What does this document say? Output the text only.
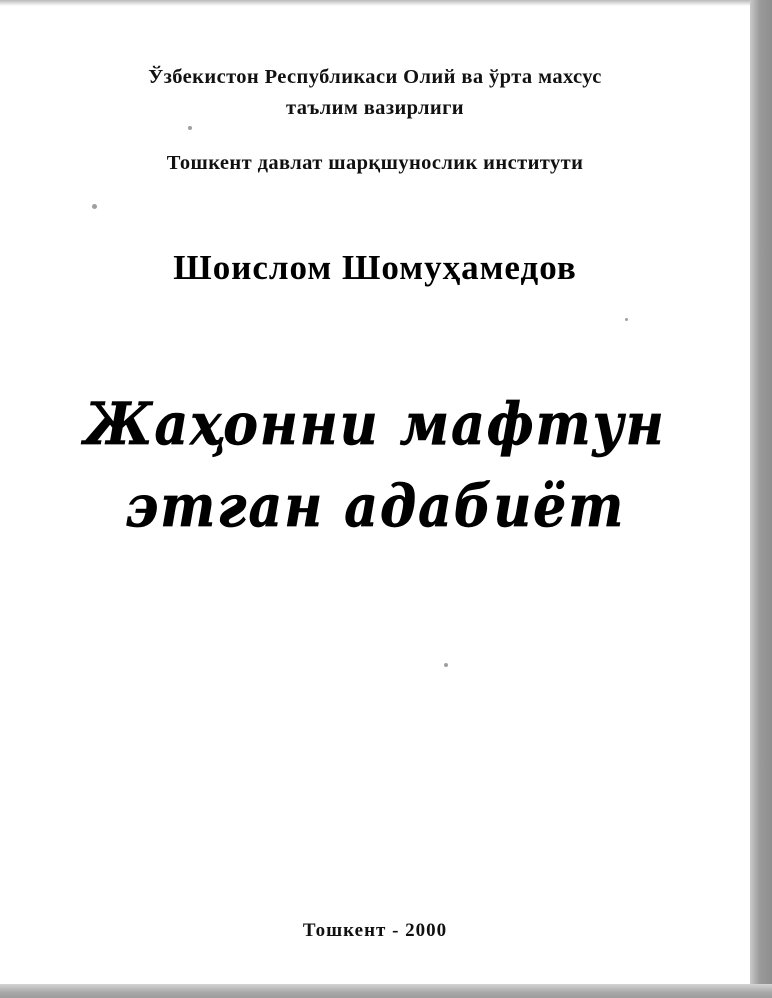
Ўзбекистон Республикаси Олий ва ўрта махсус
таълим вазирлиги
Тошкент давлат шарқшунослик институти
Шоислом Шомуҳамедов
Жаҳонни мафтун
этган адабиёт
Тошкент - 2000
